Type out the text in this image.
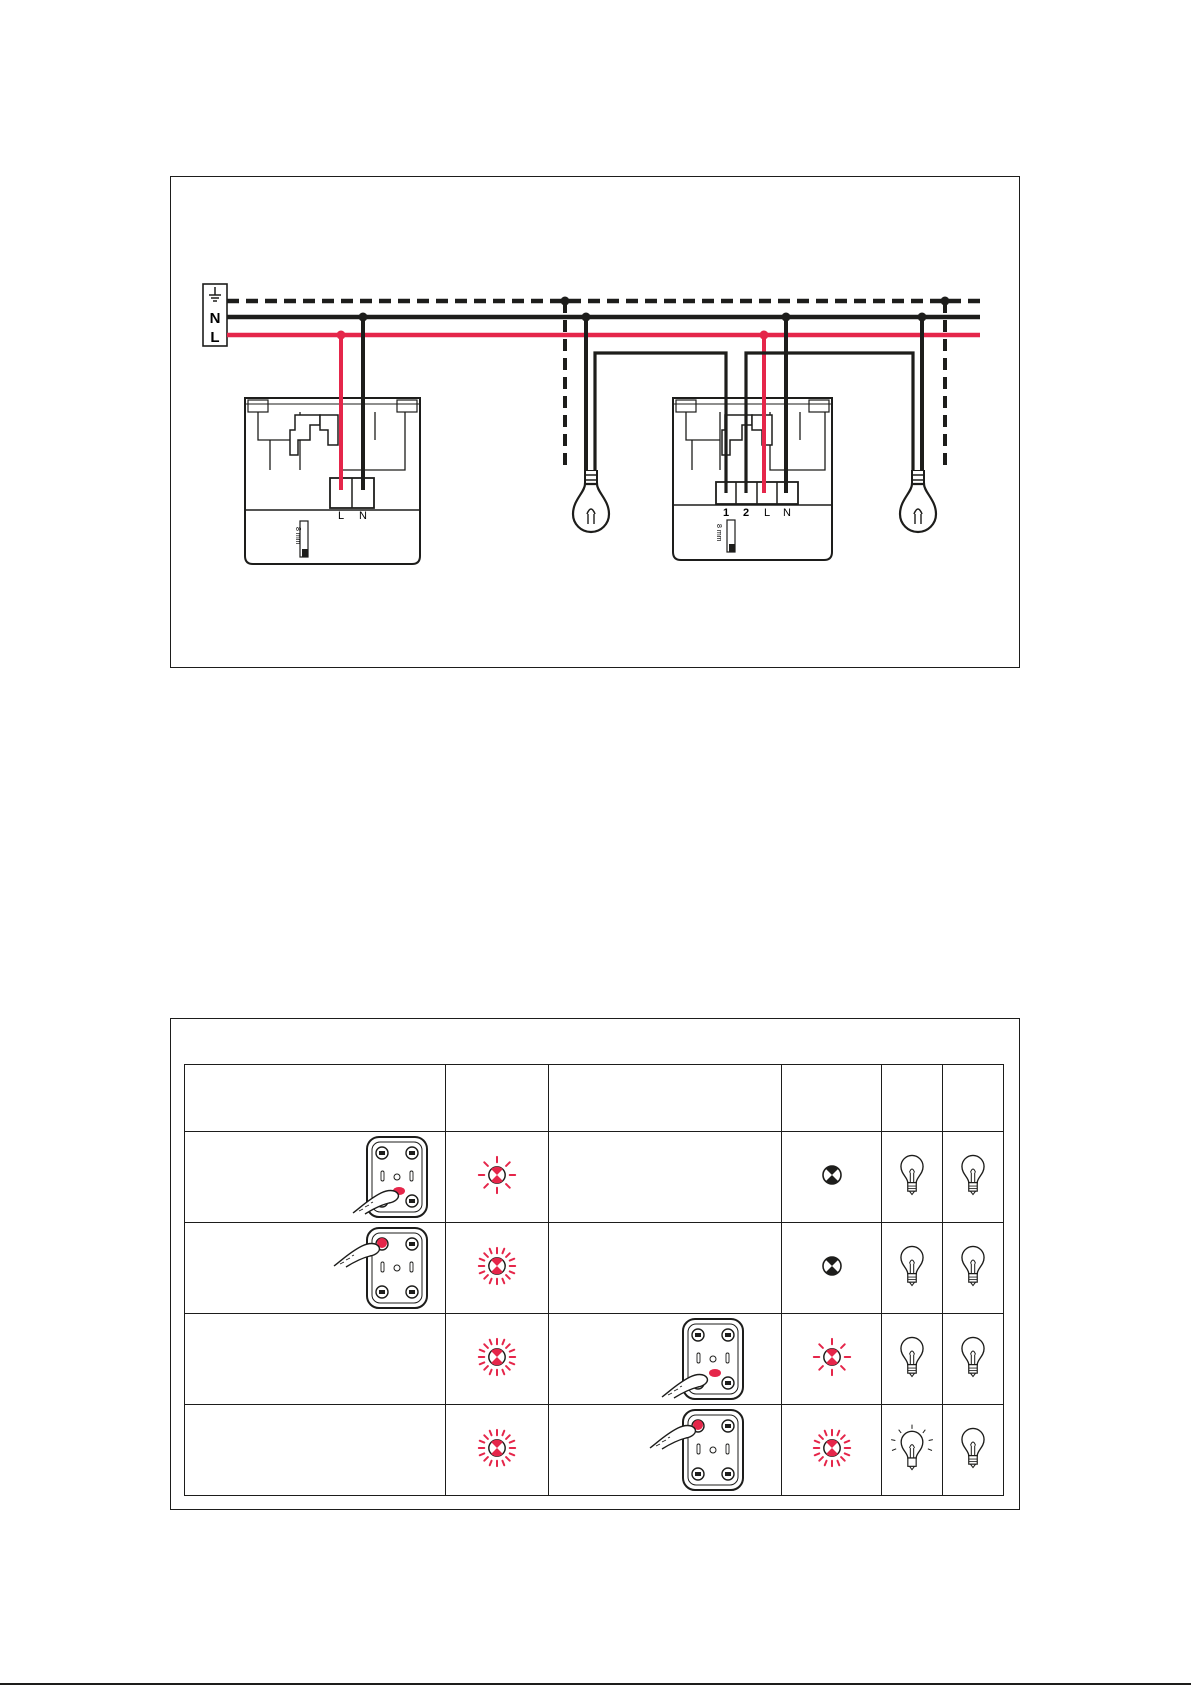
N
L
L N
8 mm
1 2 L N
8 mm
